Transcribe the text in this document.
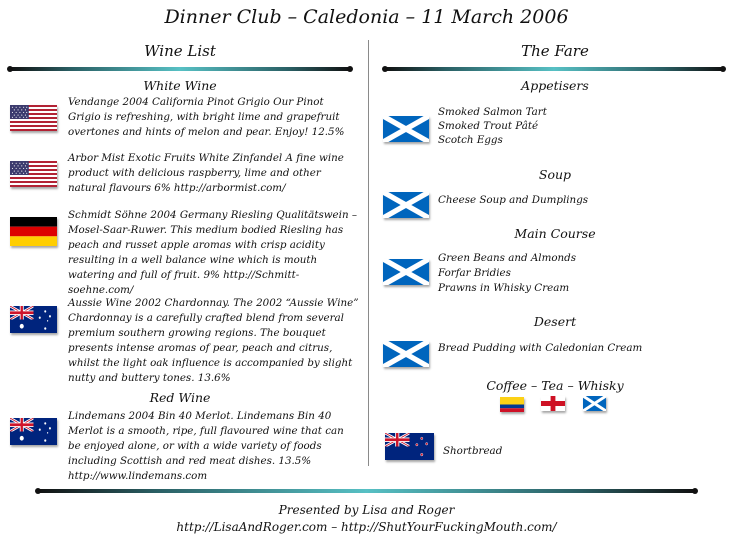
Dinner Club – Caledonia – 11 March 2006
Wine List	The Fare
White Wine
Vendange 2004 California Pinot Grigio Our Pinot Grigio is refreshing, with bright lime and grapefruit overtones and hints of melon and pear. Enjoy! 12.5%
Arbor Mist Exotic Fruits White Zinfandel A fine wine product with delicious raspberry, lime and other natural flavours 6% http://arbormist.com/
Schmidt Söhne 2004 Germany Riesling Qualitätswein – Mosel-Saar-Ruwer. This medium bodied Riesling has peach and russet apple aromas with crisp acidity resulting in a well balance wine which is mouth watering and full of fruit. 9% http://Schmitt-soehne.com/
Aussie Wine 2002 Chardonnay. The 2002 “Aussie Wine” Chardonnay is a carefully crafted blend from several premium southern growing regions. The bouquet presents intense aromas of pear, peach and citrus, whilst the light oak influence is accompanied by slight nutty and buttery tones. 13.6%
Red Wine
Lindemans 2004 Bin 40 Merlot. Lindemans Bin 40 Merlot is a smooth, ripe, full flavoured wine that can be enjoyed alone, or with a wide variety of foods including Scottish and red meat dishes. 13.5% http://www.lindemans.com
Appetisers
Smoked Salmon Tart
Smoked Trout Pâté
Scotch Eggs
Soup
Cheese Soup and Dumplings
Main Course
Green Beans and Almonds
Forfar Bridies
Prawns in Whisky Cream
Desert
Bread Pudding with Caledonian Cream
Coffee – Tea – Whisky
Shortbread
Presented by Lisa and Roger
http://LisaAndRoger.com – http://ShutYourFuckingMouth.com/
